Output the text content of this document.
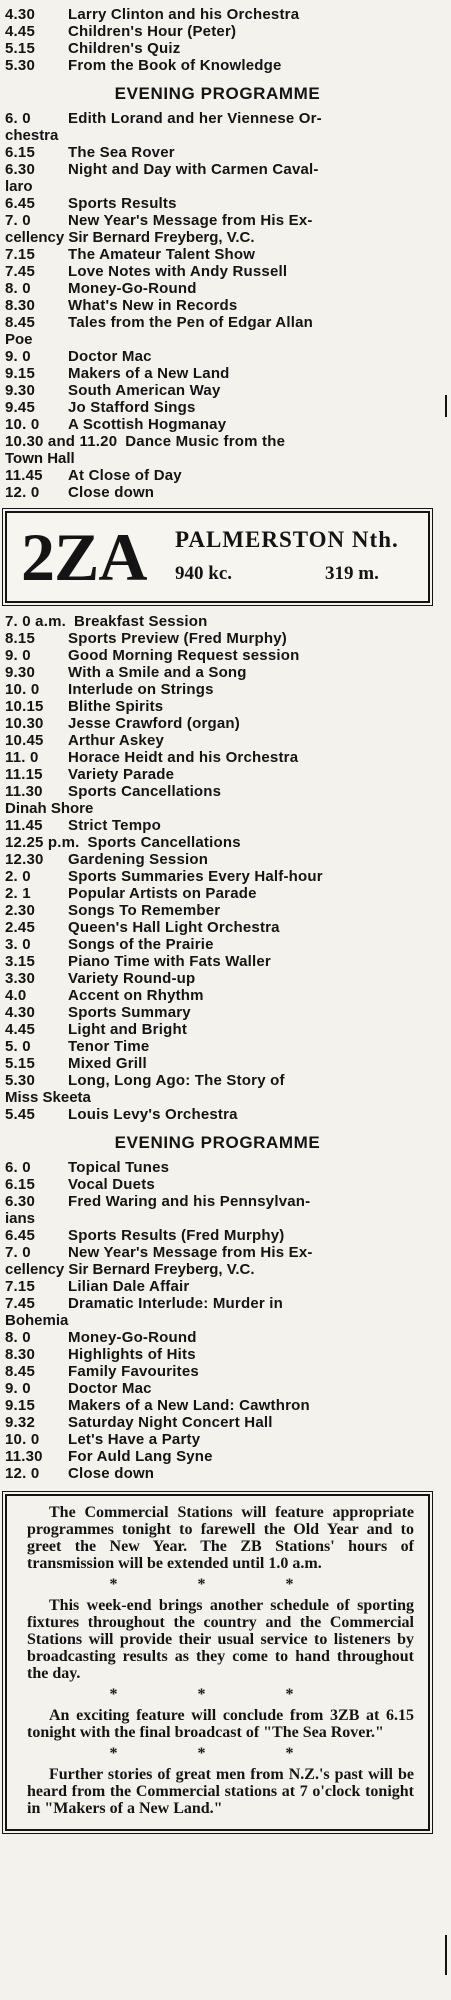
4.30 Larry Clinton and his Orchestra
4.45 Children's Hour (Peter)
5.15 Children's Quiz
5.30 From the Book of Knowledge
EVENING PROGRAMME
6. 0 Edith Lorand and her Viennese Or-
chestra
6.15 The Sea Rover
6.30 Night and Day with Carmen Caval-
laro
6.45 Sports Results
7. 0 New Year's Message from His Ex-
cellency Sir Bernard Freyberg, V.C.
7.15 The Amateur Talent Show
7.45 Love Notes with Andy Russell
8. 0 Money-Go-Round
8.30 What's New in Records
8.45 Tales from the Pen of Edgar Allan
Poe
9. 0 Doctor Mac
9.15 Makers of a New Land
9.30 South American Way
9.45 Jo Stafford Sings
10. 0 A Scottish Hogmanay
10.30 and 11.20 Dance Music from the
Town Hall
11.45 At Close of Day
12. 0 Close down
2ZA PALMERSTON Nth.
940 kc.	319 m.
7. 0 a.m. Breakfast Session
8.15 Sports Preview (Fred Murphy)
9. 0 Good Morning Request session
9.30 With a Smile and a Song
10. 0 Interlude on Strings
10.15 Blithe Spirits
10.30 Jesse Crawford (organ)
10.45 Arthur Askey
11. 0 Horace Heidt and his Orchestra
11.15 Variety Parade
11.30 Sports Cancellations
Dinah Shore
11.45 Strict Tempo
12.25 p.m. Sports Cancellations
12.30 Gardening Session
2. 0 Sports Summaries Every Half-hour
2. 1 Popular Artists on Parade
2.30 Songs To Remember
2.45 Queen's Hall Light Orchestra
3. 0 Songs of the Prairie
3.15 Piano Time with Fats Waller
3.30 Variety Round-up
4.0	Accent on Rhythm
4.30 Sports Summary
4.45 Light and Bright
5. 0 Tenor Time
5.15 Mixed Grill
5.30 Long, Long Ago: The Story of
Miss Skeeta
5.45 Louis Levy's Orchestra
EVENING PROGRAMME
6. 0 Topical Tunes
6.15 Vocal Duets
6.30 Fred Waring and his Pennsylvan-
ians
6.45 Sports Results (Fred Murphy)
7. 0 New Year's Message from His Ex-
cellency Sir Bernard Freyberg, V.C.
7.15 Lilian Dale Affair
7.45 Dramatic Interlude: Murder in
Bohemia
8. 0 Money-Go-Round
8.30 Highlights of Hits
8.45 Family Favourites
9. 0 Doctor Mac
9.15 Makers of a New Land: Cawthron
9.32 Saturday Night Concert Hall
10. 0 Let's Have a Party
11.30 For Auld Lang Syne
12. 0 Close down

The Commercial Stations will feature appropriate programmes tonight to farewell the Old Year and to greet the New Year. The ZB Stations' hours of transmission will be extended until 1.0 a.m.

* * *

This week-end brings another schedule of sporting fixtures throughout the country and the Commercial Stations will provide their usual service to listeners by broadcasting results as they come to hand throughout the day.

* * *

An exciting feature will conclude from 3ZB at 6.15 tonight with the final broadcast of "The Sea Rover."

* * *

Further stories of great men from N.Z.'s past will be heard from the Commercial stations at 7 o'clock tonight in "Makers of a New Land."
